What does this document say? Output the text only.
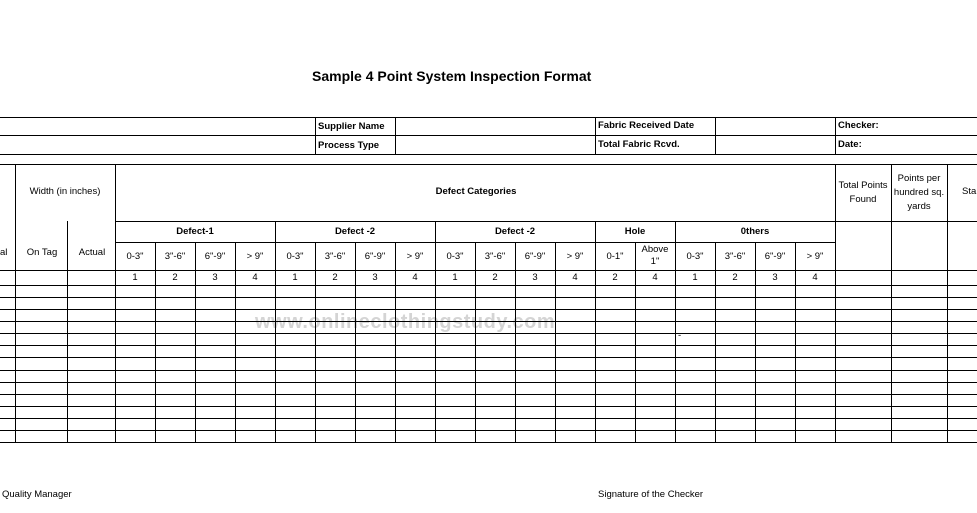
Sample 4 Point System Inspection Format
Supplier Name
Process Type
Fabric Received Date
Total Fabric Rcvd.
Checker:
Date:
Width (in inches)	Defect Categories
Total Points Found
Points per hundred sq. yards
Sta
al On Tag Actual
Defect-1
0-3"
1
3"-6"
2
6"-9"
3
> 9"
4
Defect -2
0-3"
1
3"-6"
2
6"-9"
3
> 9"
4
Defect -2
0-3"
1
3"-6"
2
6"-9"
3
> 9"
4
Hole
0-1"
2
Above 1"
4
0thers
0-3"
1
3"-6"
2
6"-9"
3
> 9"
4
-
www.onlineclothingstudy.com
Quality Manager	Signature of the Checker
